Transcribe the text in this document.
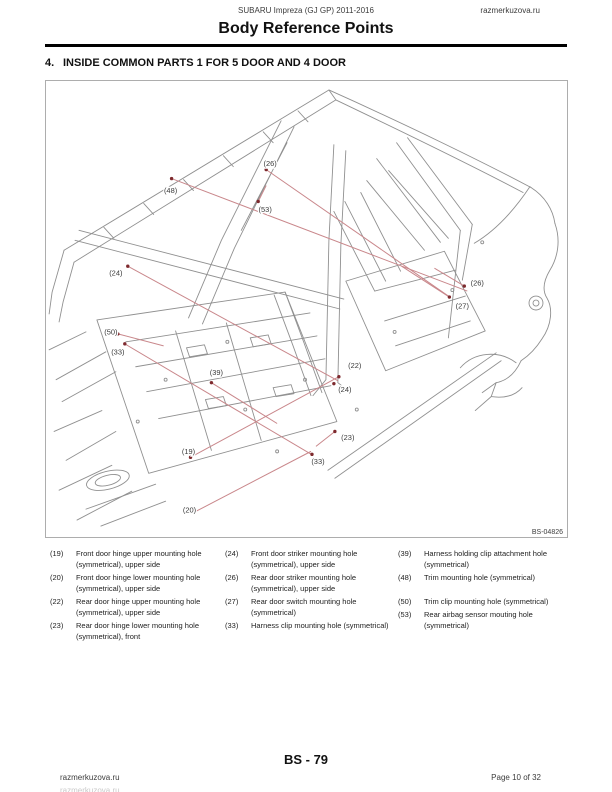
SUBARU Impreza (GJ GP) 2011-2016	razmerkuzova.ru
Body Reference Points
4. INSIDE COMMON PARTS 1 FOR 5 DOOR AND 4 DOOR
(26)
(48)
(53)
(24)
(26)
(27)
(50)
(33)
(39)
(22)
(24)
(23)
(33)
(19)
(20)
BS-04826
(19)	Front door hinge upper mounting hole (symmetrical), upper side
(20)	Front door hinge lower mounting hole (symmetrical), upper side
(22)	Rear door hinge upper mounting hole (symmetrical), upper side
(23)	Rear door hinge lower mounting hole (symmetrical), front
(24)	Front door striker mounting hole (symmetrical), upper side
(26)	Rear door striker mounting hole (symmetrical), upper side
(27)	Rear door switch mounting hole (symmetrical)
(33)	Harness clip mounting hole (symmetrical)
(39)	Harness holding clip attachment hole (symmetrical)
(48)	Trim mounting hole (symmetrical)
(50)	Trim clip mounting hole (symmetrical)
(53)	Rear airbag sensor mouting hole (symmetrical)
BS - 79
razmerkuzova.ru	Page 10 of 32
razmerkuzova.ru
